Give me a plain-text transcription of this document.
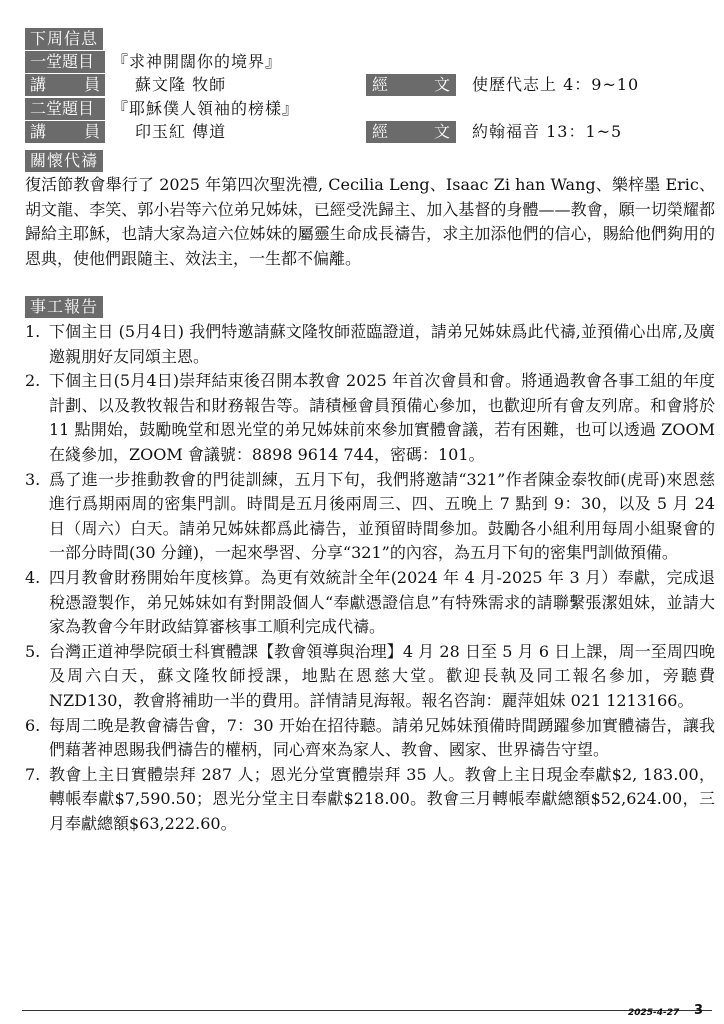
下周信息
一堂題目	『求神開闊你的境界』
講 員 蘇文隆 牧師	經	文 使歷代志上 4：9~10
二堂題目	『耶穌僕人領袖的榜樣』
講 員 印玉紅 傳道	經	文 約翰福音 13：1~5
關懷代禱
復活節教會舉行了 2025 年第四次聖洗禮, Cecilia Leng、Isaac Zi han Wang、樂梓墨 Eric、胡文龍、李笑、郭小岩等六位弟兄姊妹，已經受洗歸主、加入基督的身體——教會，願一切榮耀都歸給主耶穌，也請大家為這六位姊妹的屬靈生命成長禱告，求主加添他們的信心，賜給他們夠用的恩典，使他們跟隨主、效法主，一生都不偏離。
事工報告
1. 下個主日 (5月4日) 我們特邀請蘇文隆牧師蒞臨證道，請弟兄姊妹爲此代禱,並預備心出席,及廣邀親朋好友同頌主恩。
2. 下個主日(5月4日)崇拜結束後召開本教會 2025 年首次會員和會。將通過教會各事工組的年度計劃、以及教牧報告和財務報告等。請積極會員預備心參加，也歡迎所有會友列席。和會將於 11 點開始，鼓勵晚堂和恩光堂的弟兄姊妹前來參加實體會議，若有困難，也可以透過 ZOOM 在綫參加，ZOOM 會議號：8898 9614 744，密碼：101。
3. 爲了進一步推動教會的門徒訓練，五月下旬，我們將邀請“321”作者陳金泰牧師(虎哥)來恩慈進行爲期兩周的密集門訓。時間是五月後兩周三、四、五晚上 7 點到 9：30，以及 5 月 24 日（周六）白天。請弟兄姊妹都爲此禱告，並預留時間參加。鼓勵各小組利用每周小組聚會的一部分時間(30 分鐘)，一起來學習、分享“321”的內容，為五月下旬的密集門訓做預備。
4. 四月教會財務開始年度核算。為更有效統計全年(2024 年 4 月-2025 年 3 月）奉獻，完成退稅憑證製作，弟兄姊妹如有對開設個人“奉獻憑證信息”有特殊需求的請聯繫張潔姐妹，並請大家為教會今年財政結算審核事工順利完成代禱。
5. 台灣正道神學院碩士科實體課【教會領導與治理】4 月 28 日至 5 月 6 日上課，周一至周四晚及周六白天，蘇文隆牧師授課，地點在恩慈大堂。歡迎長執及同工報名參加，旁聽費 NZD130，教會將補助一半的費用。詳情請見海報。報名咨詢：麗萍姐妹 021 1213166。
6. 每周二晚是教會禱告會，7：30 开始在招待聽。請弟兄姊妹預備時間踴躍參加實體禱告，讓我們藉著神恩賜我們禱告的權柄，同心齊來為家人、教會、國家、世界禱告守望。
7. 教會上主日實體崇拜 287 人；恩光分堂實體崇拜 35 人。教會上主日現金奉獻$2, 183.00，轉帳奉獻$7,590.50；恩光分堂主日奉獻$218.00。教會三月轉帳奉獻總額$52,624.00，三月奉獻總額$63,222.60。
2025-4-27 3
